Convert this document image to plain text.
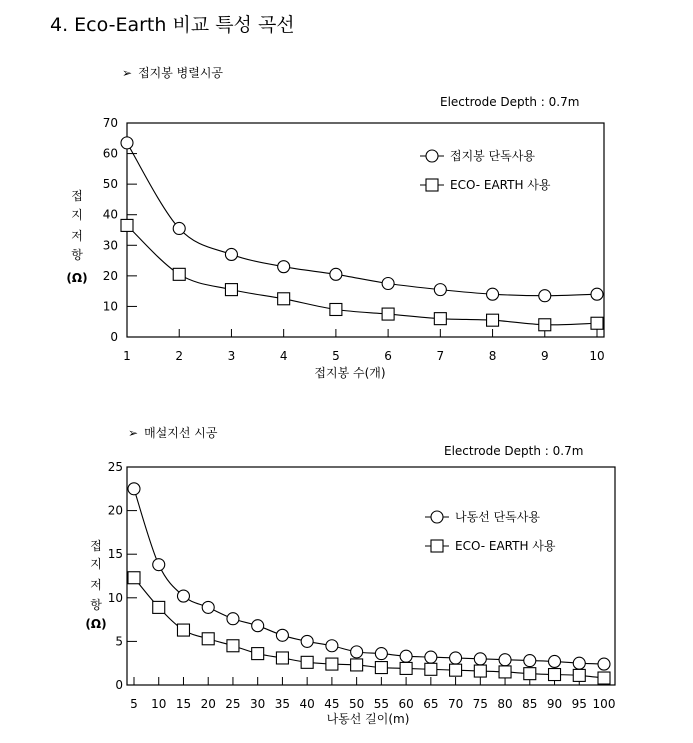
4. Eco-Earth 비교 특성 곡선
➢ 접지봉 병렬시공
Electrode Depth : 0.7m
➢ 매설지선 시공
Electrode Depth : 0.7m
0
10
20
30
40
50
60
70
1	2	3	4	5	6	7	8	9	10
접지봉 수(개)
접
지
저
항
(Ω)
접지봉 단독사용
ECO- EARTH 사용
0
5
10
15
20
25
5 10 15 20 25 30 35 40 45 50 55 60 65 70 75 80 85 90 95 100
나동선 길이(m)
접
지
저
항
(Ω)
나동선 단독사용
ECO- EARTH 사용
